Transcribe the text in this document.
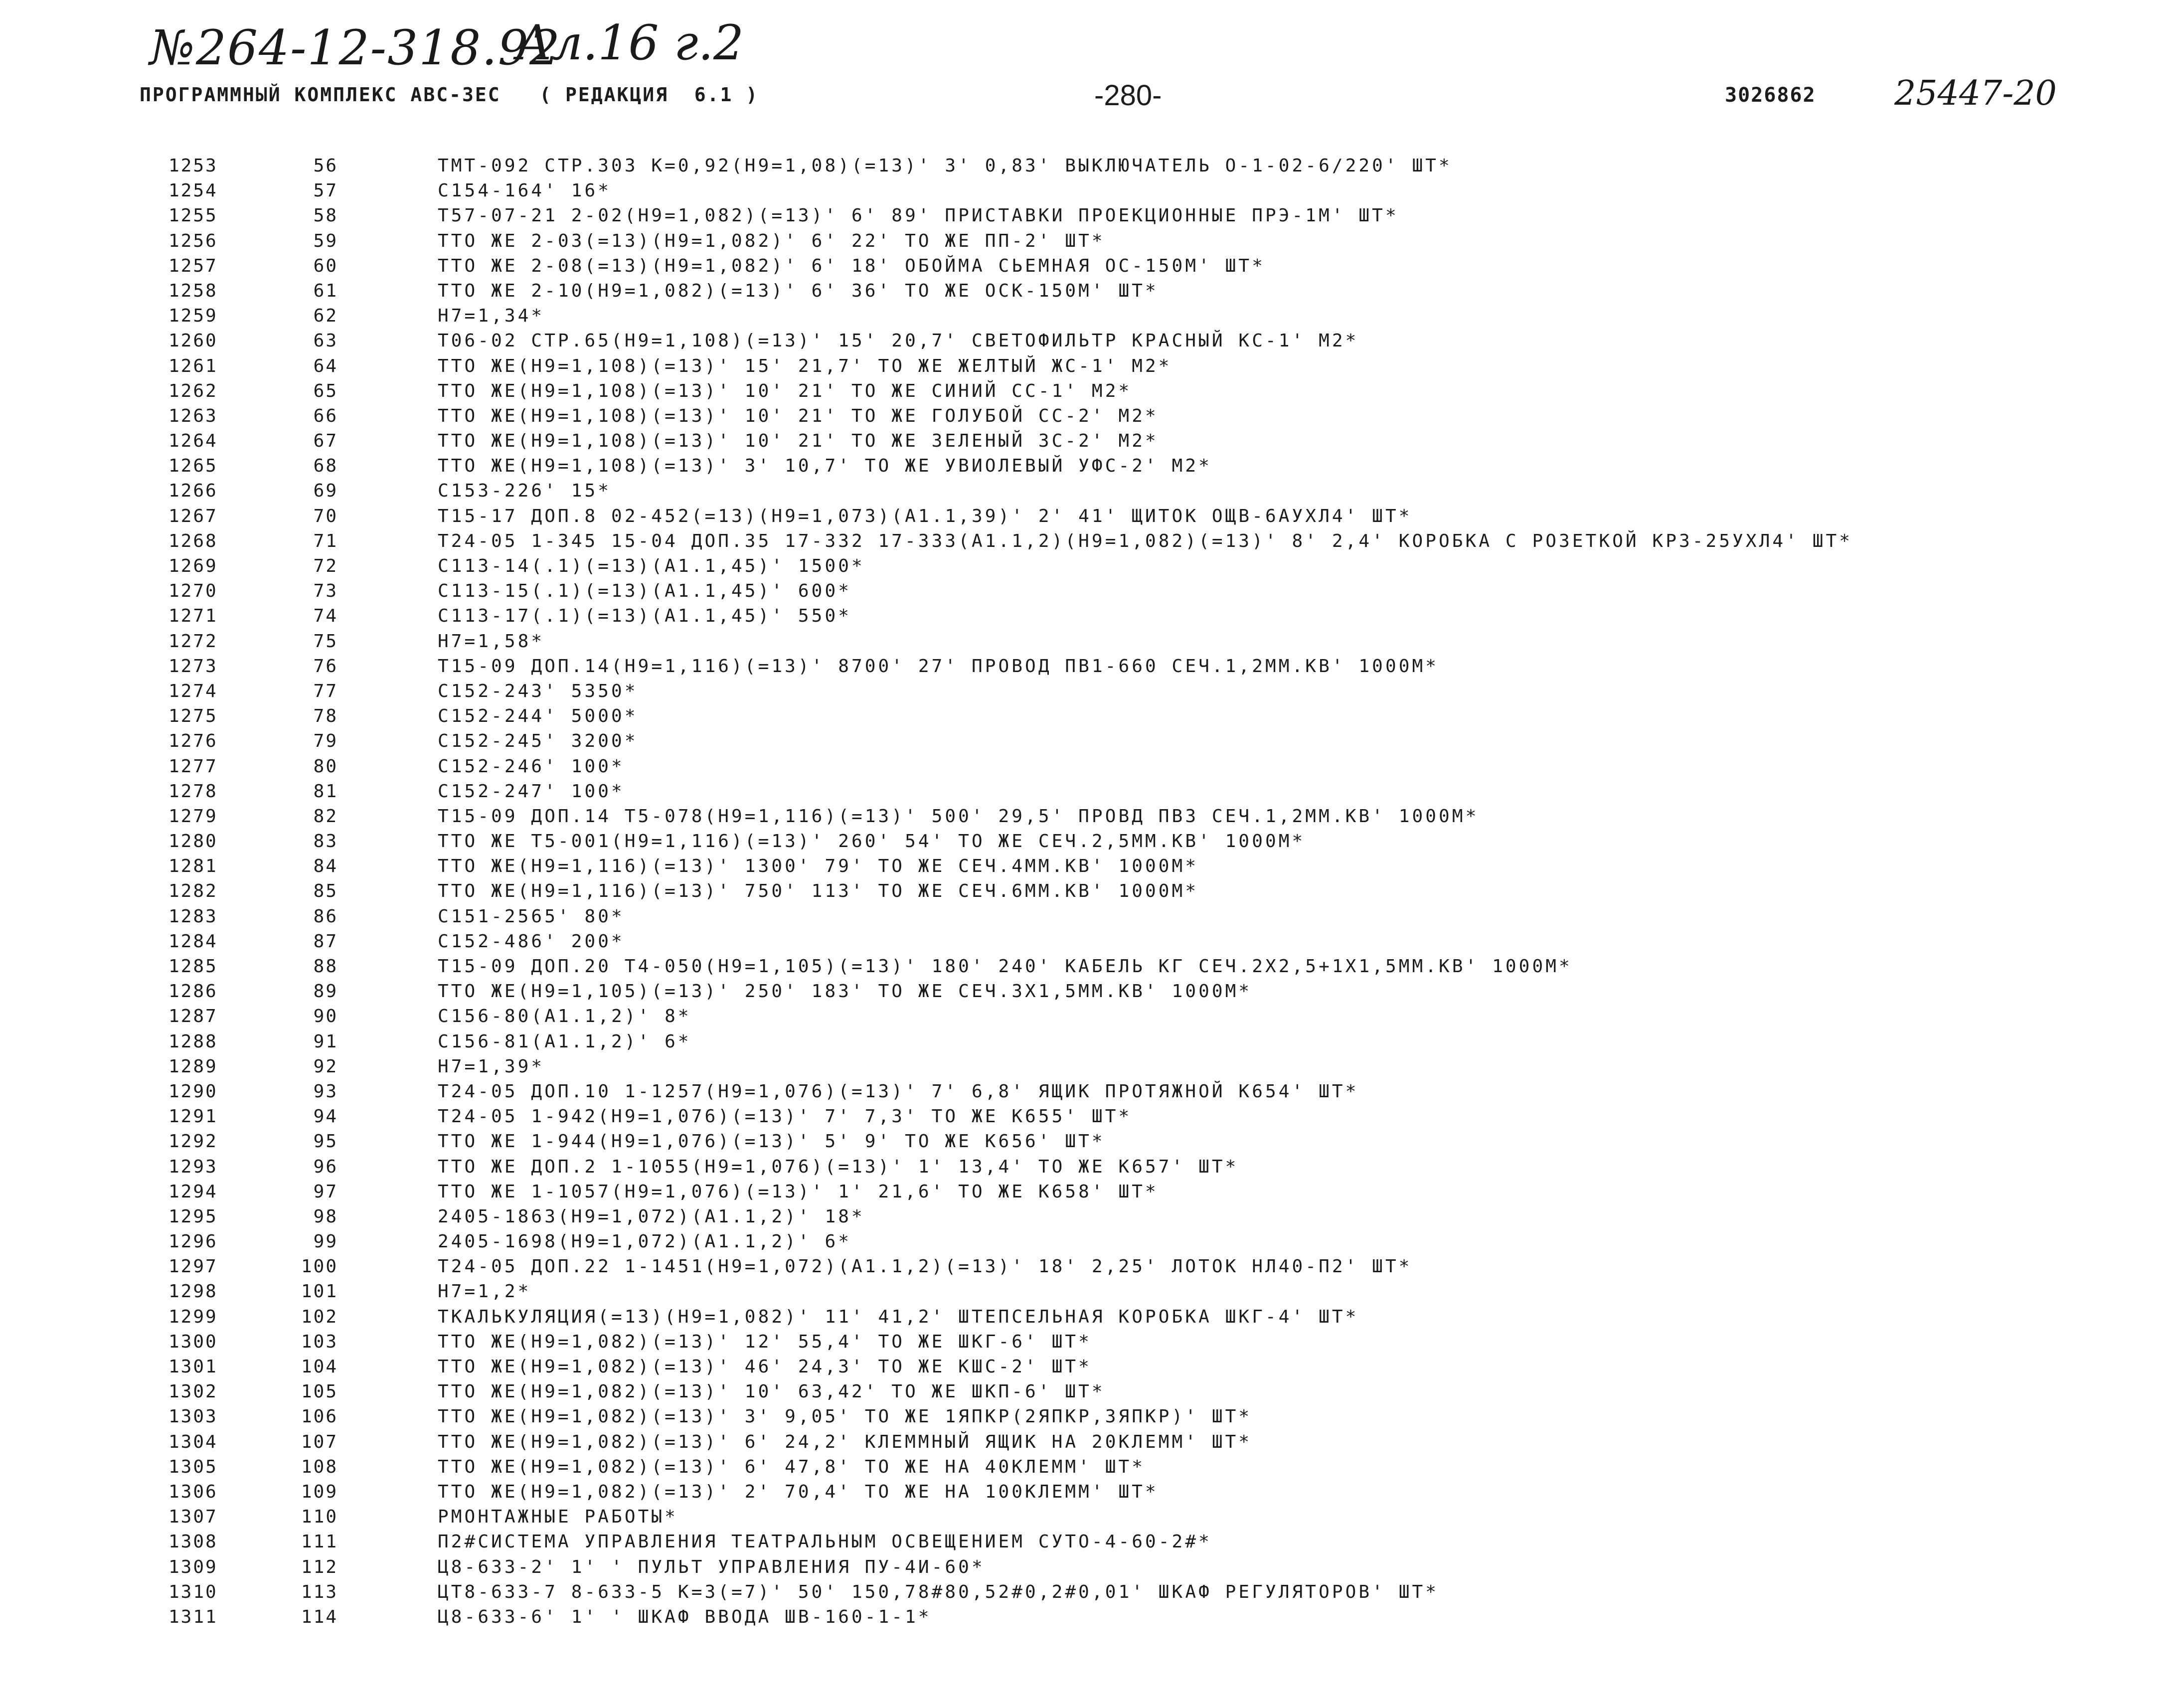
№264-12-318.92
Ал.16 г.2
25447-20
ПРОГРАММНЫЙ КОМПЛЕКС АВС-3ЕС   ( РЕДАКЦИЯ  6.1 )	-280-	3026862
1253	56	ТМТ-092 СТР.303 К=0,92(Н9=1,08)(=13)' 3' 0,83' ВЫКЛЮЧАТЕЛЬ О-1-02-6/220' ШТ*
1254	57	С154-164' 16*
1255	58	Т57-07-21 2-02(Н9=1,082)(=13)' 6' 89' ПРИСТАВКИ ПРОЕКЦИОННЫЕ ПРЭ-1М' ШТ*
1256	59	ТТО ЖЕ 2-03(=13)(Н9=1,082)' 6' 22' ТО ЖЕ ПП-2' ШТ*
1257	60	ТТО ЖЕ 2-08(=13)(Н9=1,082)' 6' 18' ОБОЙМА СЬЕМНАЯ ОС-150М' ШТ*
1258	61	ТТО ЖЕ 2-10(Н9=1,082)(=13)' 6' 36' ТО ЖЕ ОСК-150М' ШТ*
1259	62	Н7=1,34*
1260	63	Т06-02 СТР.65(Н9=1,108)(=13)' 15' 20,7' СВЕТОФИЛЬТР КРАСНЫЙ КС-1' М2*
1261	64	ТТО ЖЕ(Н9=1,108)(=13)' 15' 21,7' ТО ЖЕ ЖЕЛТЫЙ ЖС-1' М2*
1262	65	ТТО ЖЕ(Н9=1,108)(=13)' 10' 21' ТО ЖЕ СИНИЙ СС-1' М2*
1263	66	ТТО ЖЕ(Н9=1,108)(=13)' 10' 21' ТО ЖЕ ГОЛУБОЙ СС-2' М2*
1264	67	ТТО ЖЕ(Н9=1,108)(=13)' 10' 21' ТО ЖЕ ЗЕЛЕНЫЙ ЗС-2' М2*
1265	68	ТТО ЖЕ(Н9=1,108)(=13)' 3' 10,7' ТО ЖЕ УВИОЛЕВЫЙ УФС-2' М2*
1266	69	С153-226' 15*
1267	70	Т15-17 ДОП.8 02-452(=13)(Н9=1,073)(А1.1,39)' 2' 41' ЩИТОК ОЩВ-6АУХЛ4' ШТ*
1268	71	Т24-05 1-345 15-04 ДОП.35 17-332 17-333(А1.1,2)(Н9=1,082)(=13)' 8' 2,4' КОРОБКА С РОЗЕТКОЙ КРЗ-25УХЛ4' ШТ*
1269	72	С113-14(.1)(=13)(А1.1,45)' 1500*
1270	73	С113-15(.1)(=13)(А1.1,45)' 600*
1271	74	С113-17(.1)(=13)(А1.1,45)' 550*
1272	75	Н7=1,58*
1273	76	Т15-09 ДОП.14(Н9=1,116)(=13)' 8700' 27' ПРОВОД ПВ1-660 СЕЧ.1,2ММ.КВ' 1000М*
1274	77	С152-243' 5350*
1275	78	С152-244' 5000*
1276	79	С152-245' 3200*
1277	80	С152-246' 100*
1278	81	С152-247' 100*
1279	82	Т15-09 ДОП.14 Т5-078(Н9=1,116)(=13)' 500' 29,5' ПРОВД ПВЗ СЕЧ.1,2ММ.КВ' 1000М*
1280	83	ТТО ЖЕ Т5-001(Н9=1,116)(=13)' 260' 54' ТО ЖЕ СЕЧ.2,5ММ.КВ' 1000М*
1281	84	ТТО ЖЕ(Н9=1,116)(=13)' 1300' 79' ТО ЖЕ СЕЧ.4ММ.КВ' 1000М*
1282	85	ТТО ЖЕ(Н9=1,116)(=13)' 750' 113' ТО ЖЕ СЕЧ.6ММ.КВ' 1000М*
1283	86	С151-2565' 80*
1284	87	С152-486' 200*
1285	88	Т15-09 ДОП.20 Т4-050(Н9=1,105)(=13)' 180' 240' КАБЕЛЬ КГ СЕЧ.2Х2,5+1Х1,5ММ.КВ' 1000М*
1286	89	ТТО ЖЕ(Н9=1,105)(=13)' 250' 183' ТО ЖЕ СЕЧ.3Х1,5ММ.КВ' 1000М*
1287	90	С156-80(А1.1,2)' 8*
1288	91	С156-81(А1.1,2)' 6*
1289	92	Н7=1,39*
1290	93	Т24-05 ДОП.10 1-1257(Н9=1,076)(=13)' 7' 6,8' ЯЩИК ПРОТЯЖНОЙ К654' ШТ*
1291	94	Т24-05 1-942(Н9=1,076)(=13)' 7' 7,3' ТО ЖЕ К655' ШТ*
1292	95	ТТО ЖЕ 1-944(Н9=1,076)(=13)' 5' 9' ТО ЖЕ К656' ШТ*
1293	96	ТТО ЖЕ ДОП.2 1-1055(Н9=1,076)(=13)' 1' 13,4' ТО ЖЕ К657' ШТ*
1294	97	ТТО ЖЕ 1-1057(Н9=1,076)(=13)' 1' 21,6' ТО ЖЕ К658' ШТ*
1295	98	2405-1863(Н9=1,072)(А1.1,2)' 18*
1296	99	2405-1698(Н9=1,072)(А1.1,2)' 6*
1297	100	Т24-05 ДОП.22 1-1451(Н9=1,072)(А1.1,2)(=13)' 18' 2,25' ЛОТОК НЛ40-П2' ШТ*
1298	101	Н7=1,2*
1299	102	ТКАЛЬКУЛЯЦИЯ(=13)(Н9=1,082)' 11' 41,2' ШТЕПСЕЛЬНАЯ КОРОБКА ШКГ-4' ШТ*
1300	103	ТТО ЖЕ(Н9=1,082)(=13)' 12' 55,4' ТО ЖЕ ШКГ-6' ШТ*
1301	104	ТТО ЖЕ(Н9=1,082)(=13)' 46' 24,3' ТО ЖЕ КШС-2' ШТ*
1302	105	ТТО ЖЕ(Н9=1,082)(=13)' 10' 63,42' ТО ЖЕ ШКП-6' ШТ*
1303	106	ТТО ЖЕ(Н9=1,082)(=13)' 3' 9,05' ТО ЖЕ 1ЯПКР(2ЯПКР,3ЯПКР)' ШТ*
1304	107	ТТО ЖЕ(Н9=1,082)(=13)' 6' 24,2' КЛЕММНЫЙ ЯЩИК НА 20КЛЕММ' ШТ*
1305	108	ТТО ЖЕ(Н9=1,082)(=13)' 6' 47,8' ТО ЖЕ НА 40КЛЕММ' ШТ*
1306	109	ТТО ЖЕ(Н9=1,082)(=13)' 2' 70,4' ТО ЖЕ НА 100КЛЕММ' ШТ*
1307	110	РМОНТАЖНЫЕ РАБОТЫ*
1308	111	П2#СИСТЕМА УПРАВЛЕНИЯ ТЕАТРАЛЬНЫМ ОСВЕЩЕНИЕМ СУТО-4-60-2#*
1309	112	Ц8-633-2' 1' ' ПУЛЬТ УПРАВЛЕНИЯ ПУ-4И-60*
1310	113	ЦТ8-633-7 8-633-5 К=3(=7)' 50' 150,78#80,52#0,2#0,01' ШКАФ РЕГУЛЯТОРОВ' ШТ*
1311	114	Ц8-633-6' 1' ' ШКАФ ВВОДА ШВ-160-1-1*
